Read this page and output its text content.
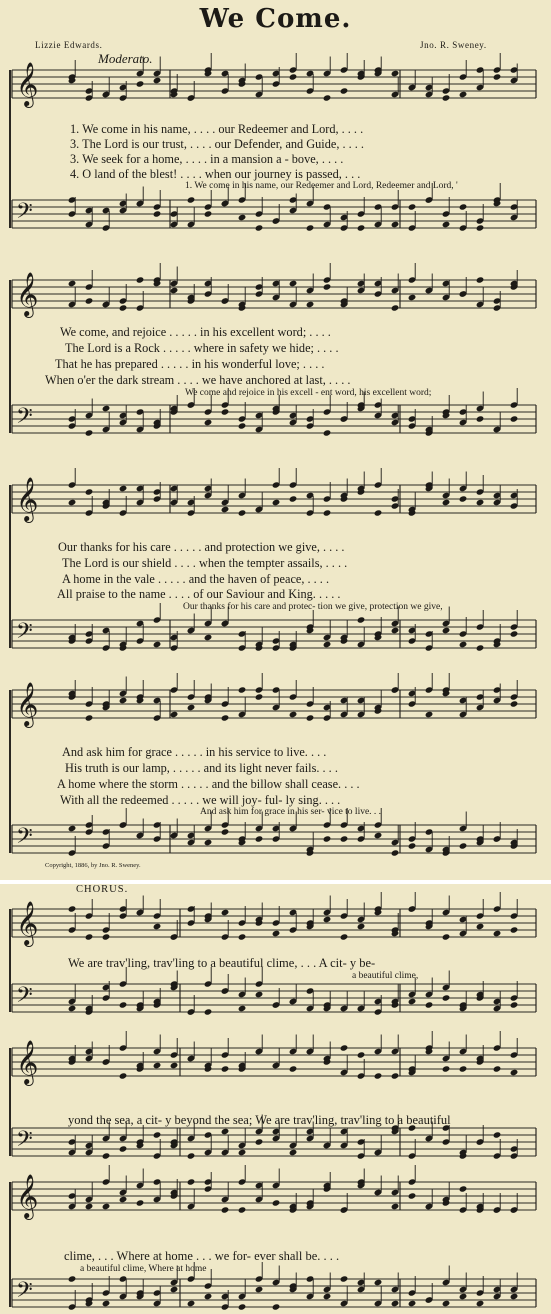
We Come.
Lizzie Edwards.	Jno. R. Sweney.
Moderato.
𝄞
𝄢
𝄞
𝄢
𝄞
𝄢
𝄞
𝄢
1. We come in his name, . . . . our Redeemer and Lord, . . . .
3. The Lord is our trust, . . . . our Defender, and Guide, . . . .
3. We seek for a home, . . . . in a mansion a - bove, . . . .
4. O land of the blest! . . . . when our journey is passed, . . .
1. We come in his name, our Redeemer and Lord, Redeemer and Lord, '
We come, and rejoice . . . . . in his excellent word; . . . .
The Lord is a Rock . . . . . where in safety we hide; . . . .
That he has prepared . . . . . in his wonderful love; . . . .
When o'er the dark stream . . . . we have anchored at last, . . . .
We come and rejoice in his excell - ent word, his excellent word;
Our thanks for his care . . . . . and protection we give, . . . .
The Lord is our shield . . . . when the tempter assails, . . . .
A home in the vale . . . . . and the haven of peace, . . . .
All praise to the name . . . . of our Saviour and King. . . . .
Our thanks for his care and protec- tion we give, protection we give,
And ask him for grace . . . . . in his service to live. . . .
His truth is our lamp, . . . . . and its light never fails. . . .
A home where the storm . . . . . and the billow shall cease. . . .
With all the redeemed . . . . . we will joy- ful- ly sing. . . .
And ask him for grace in his ser- vice to live. . .
Copyright, 1886, by Jno. R. Sweney.
𝄞
𝄢
𝄞
𝄢
𝄞
𝄢
CHORUS.
We are trav'ling, trav'ling to a beautiful clime, . . . A cit- y be-
a beautiful clime,
yond the sea, a cit- y beyond the sea; We are trav'ling, trav'ling to a beautiful
clime, . . . Where at home . . . we for- ever shall be. . . .
a beautiful clime, Where at home
